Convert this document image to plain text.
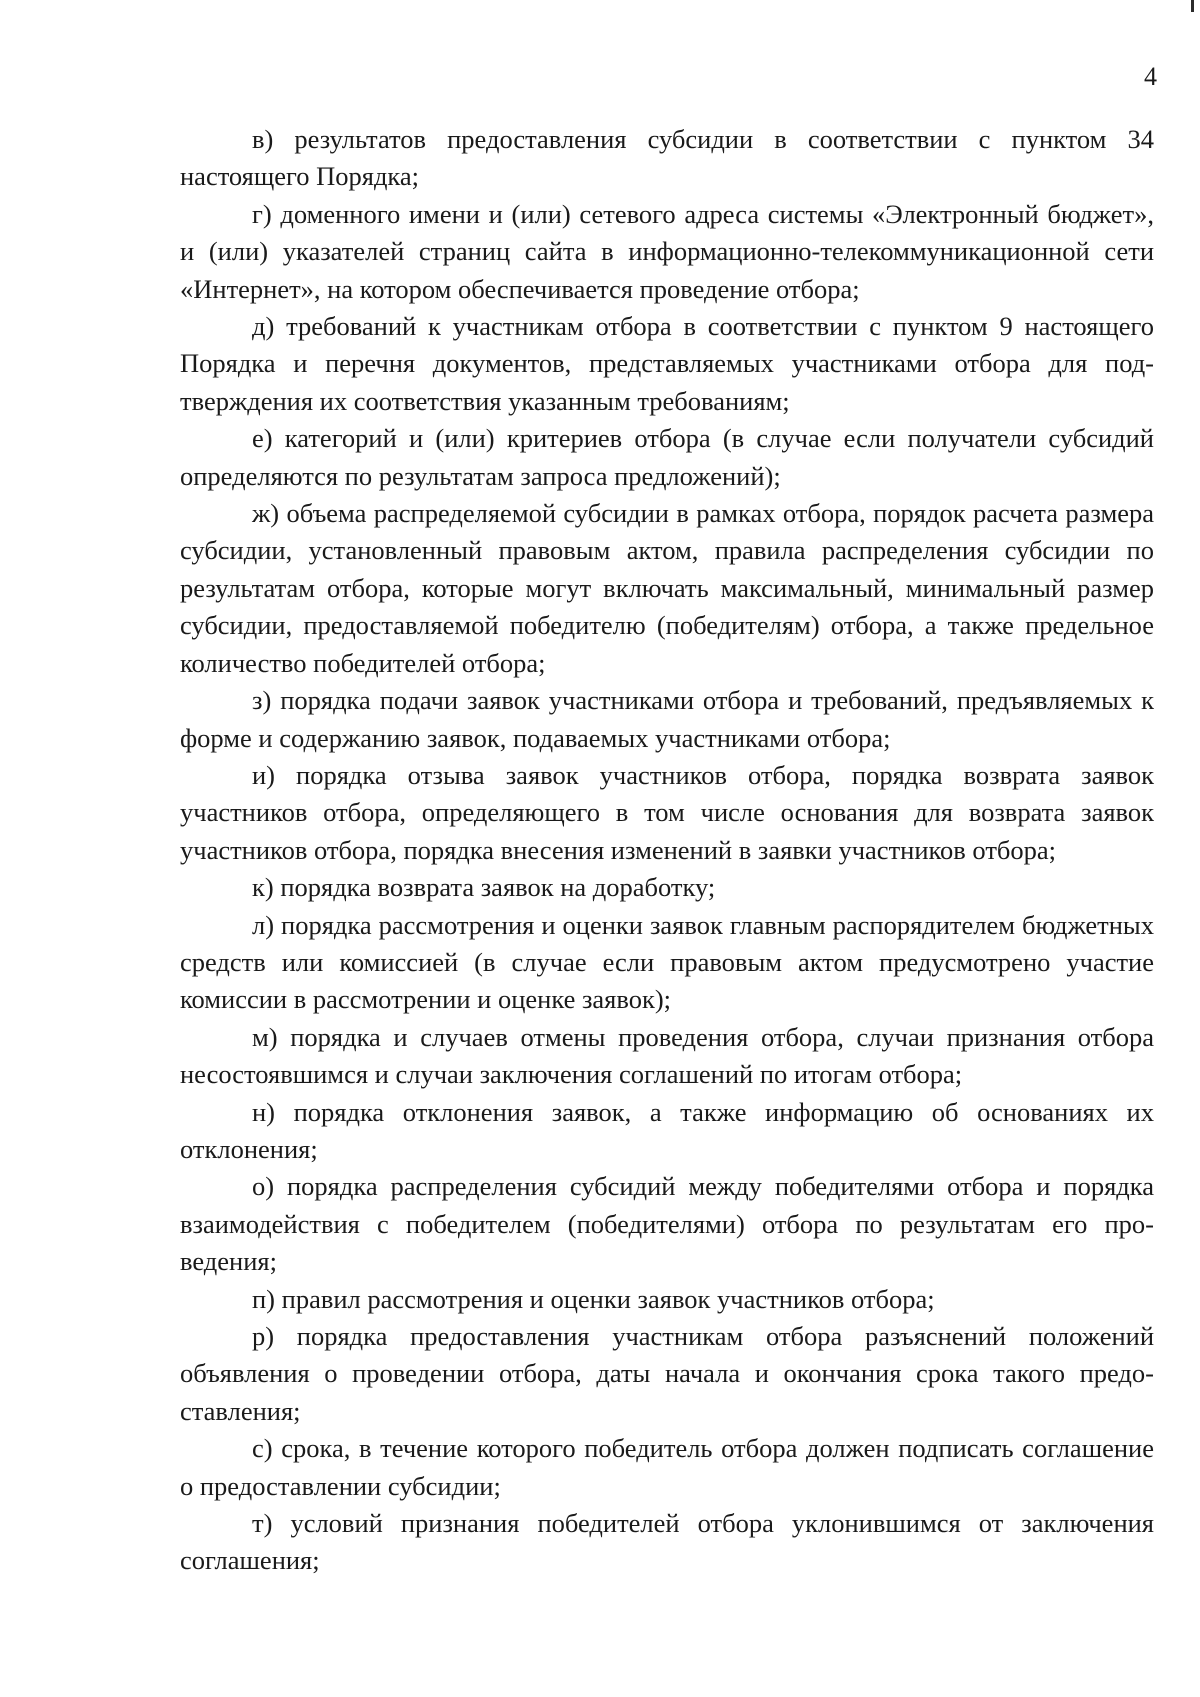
4

в) результатов предоставления субсидии в соответствии с пунктом 34 настоящего Порядка;

г) доменного имени и (или) сетевого адреса системы «Электронный бюджет», и (или) указателей страниц сайта в информационно-телекоммуникационной сети «Интернет», на котором обеспечивается проведение отбора;

д) требований к участникам отбора в соответствии с пунктом 9 настоящего Порядка и перечня документов, представляемых участниками отбора для подтверждения их соответствия указанным требованиям;

е) категорий и (или) критериев отбора (в случае если получатели субсидий определяются по результатам запроса предложений);

ж) объема распределяемой субсидии в рамках отбора, порядок расчета размера субсидии, установленный правовым актом, правила распределения субсидии по результатам отбора, которые могут включать максимальный, минимальный размер субсидии, предоставляемой победителю (победителям) отбора, а также предельное количество победителей отбора;

з) порядка подачи заявок участниками отбора и требований, предъявляемых к форме и содержанию заявок, подаваемых участниками отбора;

и) порядка отзыва заявок участников отбора, порядка возврата заявок участников отбора, определяющего в том числе основания для возврата заявок участников отбора, порядка внесения изменений в заявки участников отбора;

к) порядка возврата заявок на доработку;

л) порядка рассмотрения и оценки заявок главным распорядителем бюджетных средств или комиссией (в случае если правовым актом предусмотрено участие комиссии в рассмотрении и оценке заявок);

м) порядка и случаев отмены проведения отбора, случаи признания отбора несостоявшимся и случаи заключения соглашений по итогам отбора;

н) порядка отклонения заявок, а также информацию об основаниях их отклонения;

о) порядка распределения субсидий между победителями отбора и порядка взаимодействия с победителем (победителями) отбора по результатам его проведения;

п) правил рассмотрения и оценки заявок участников отбора;

р) порядка предоставления участникам отбора разъяснений положений объявления о проведении отбора, даты начала и окончания срока такого предоставления;

с) срока, в течение которого победитель отбора должен подписать соглашение о предоставлении субсидии;

т) условий признания победителей отбора уклонившимся от заключения соглашения;
